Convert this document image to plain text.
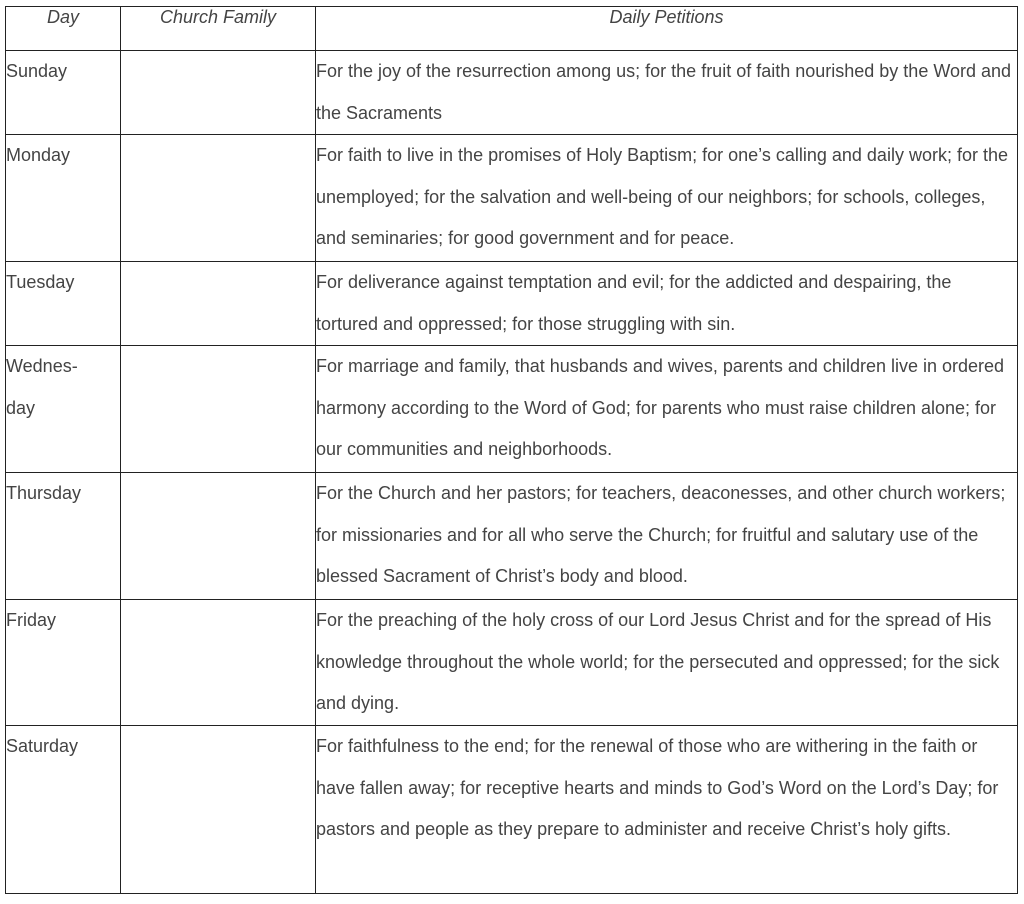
Day	Church Family	Daily Petitions
Sunday		For the joy of the resurrection among us; for the fruit of faith nourished by the Word and the Sacraments
Monday		For faith to live in the promises of Holy Baptism; for one’s calling and daily work; for the unemployed; for the salvation and well-being of our neighbors; for schools, colleges, and seminaries; for good government and for peace.
Tuesday		For deliverance against temptation and evil; for the addicted and despairing, the tortured and oppressed; for those struggling with sin.

Wednes-day		For marriage and family, that husbands and wives, parents and children live in ordered harmony according to the Word of God; for parents who must raise children alone; for our communities and neighborhoods.
Thursday		For the Church and her pastors; for teachers, deaconesses, and other church workers; for missionaries and for all who serve the Church; for fruitful and salutary use of the blessed Sacrament of Christ’s body and blood.
Friday		For the preaching of the holy cross of our Lord Jesus Christ and for the spread of His knowledge throughout the whole world; for the persecuted and oppressed; for the sick and dying.
Saturday		For faithfulness to the end; for the renewal of those who are withering in the faith or have fallen away; for receptive hearts and minds to God’s Word on the Lord’s Day; for pastors and people as they prepare to administer and receive Christ’s holy gifts.
